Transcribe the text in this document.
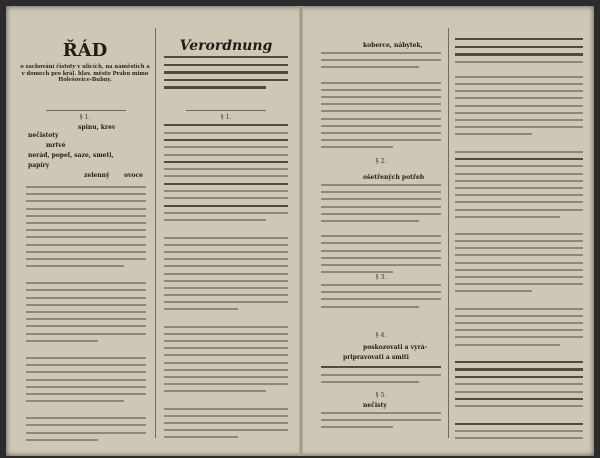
ŘÁD
o zachování čistoty v ulicích, na náměstích a v domech pro král. hlav. město Prahu mimo Holešovice-Bubny.
Verordnung
§ 1.	§ 1.
spinu, krev
nečistoty
mrtvé
nerád, popel, saze, smeti,
papíry
zelenný ovoce
koberce, nábytek,
§ 2.
ošetřených potřeb
§ 3.
§ 4.
poskozovati a vyrá-
pripravovati a smiti
§ 5.
nečisty
